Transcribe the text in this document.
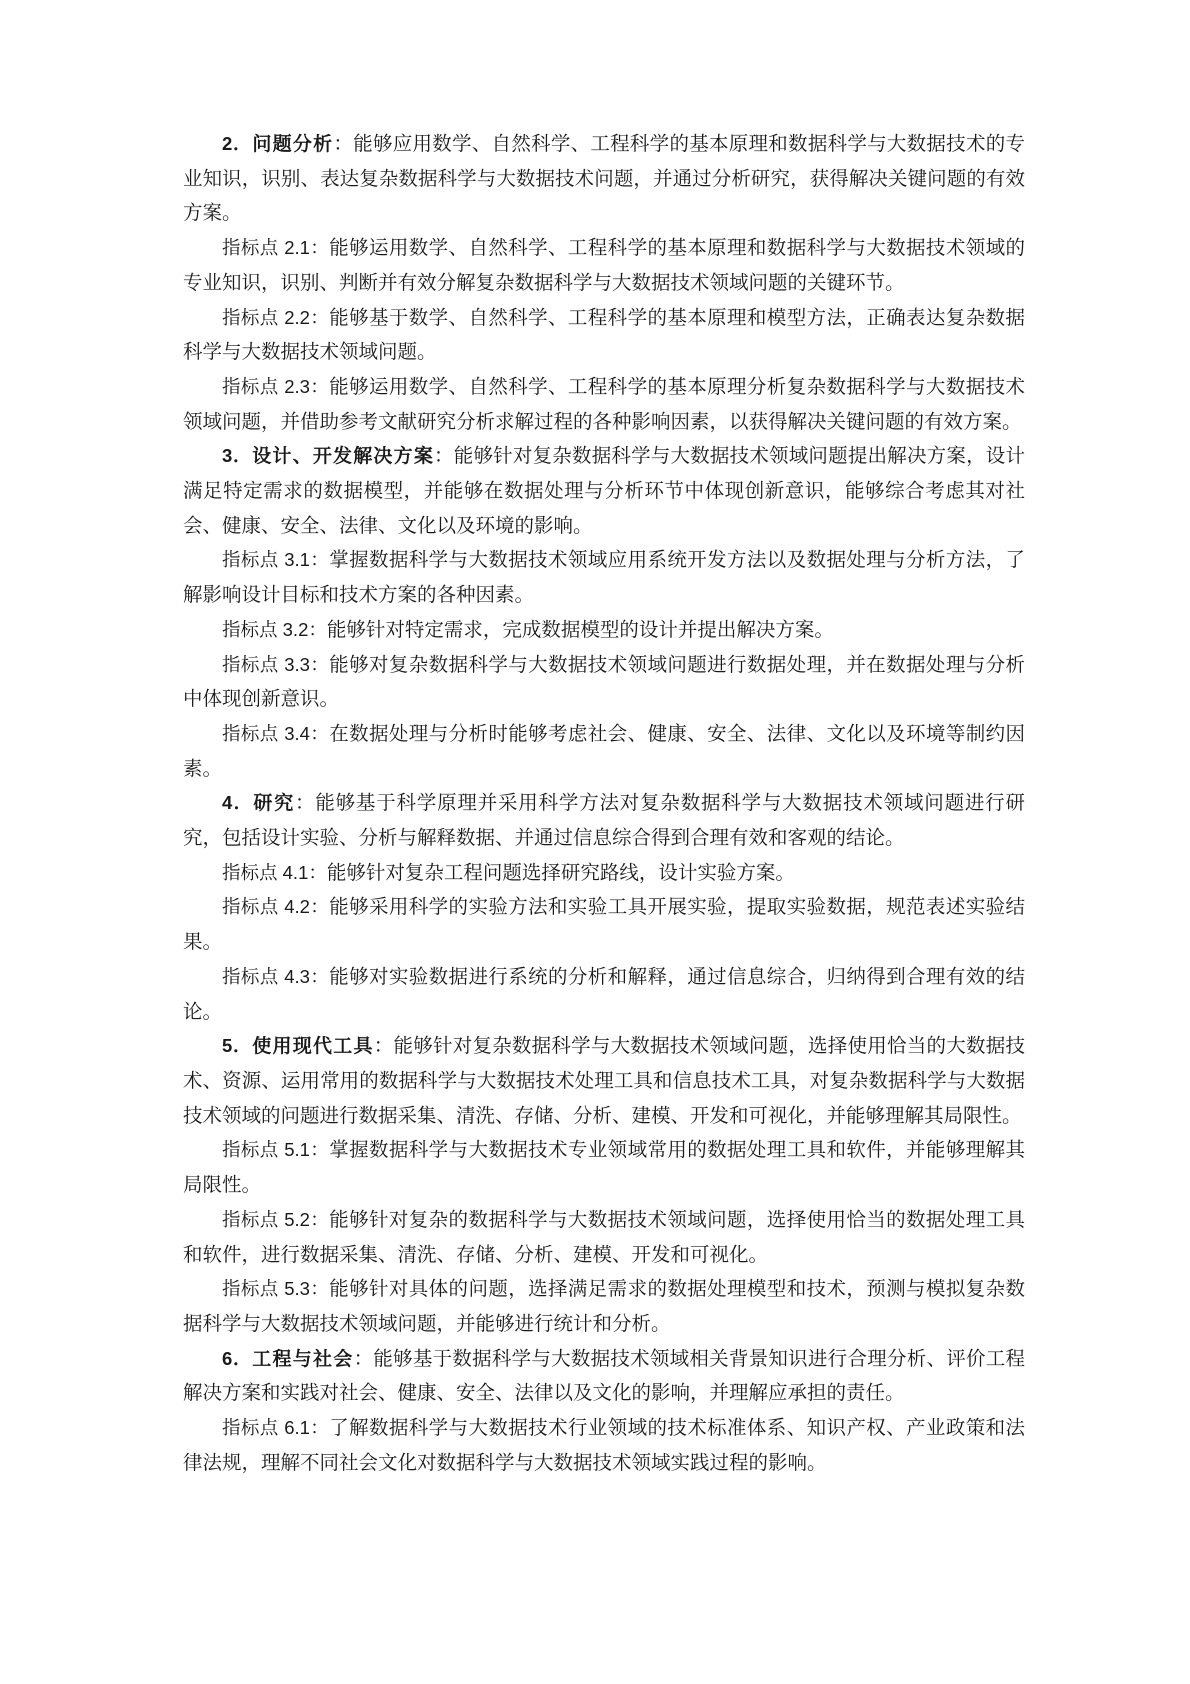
2．问题分析：能够应用数学、自然科学、工程科学的基本原理和数据科学与大数据技术的专业知识，识别、表达复杂数据科学与大数据技术问题，并通过分析研究，获得解决关键问题的有效方案。

指标点 2.1：能够运用数学、自然科学、工程科学的基本原理和数据科学与大数据技术领域的专业知识，识别、判断并有效分解复杂数据科学与大数据技术领域问题的关键环节。

指标点 2.2：能够基于数学、自然科学、工程科学的基本原理和模型方法，正确表达复杂数据科学与大数据技术领域问题。

指标点 2.3：能够运用数学、自然科学、工程科学的基本原理分析复杂数据科学与大数据技术领域问题，并借助参考文献研究分析求解过程的各种影响因素，以获得解决关键问题的有效方案。

3．设计、开发解决方案：能够针对复杂数据科学与大数据技术领域问题提出解决方案，设计满足特定需求的数据模型，并能够在数据处理与分析环节中体现创新意识，能够综合考虑其对社会、健康、安全、法律、文化以及环境的影响。

指标点 3.1：掌握数据科学与大数据技术领域应用系统开发方法以及数据处理与分析方法，了解影响设计目标和技术方案的各种因素。

指标点 3.2：能够针对特定需求，完成数据模型的设计并提出解决方案。

指标点 3.3：能够对复杂数据科学与大数据技术领域问题进行数据处理，并在数据处理与分析中体现创新意识。

指标点 3.4：在数据处理与分析时能够考虑社会、健康、安全、法律、文化以及环境等制约因素。

4．研究：能够基于科学原理并采用科学方法对复杂数据科学与大数据技术领域问题进行研究，包括设计实验、分析与解释数据、并通过信息综合得到合理有效和客观的结论。

指标点 4.1：能够针对复杂工程问题选择研究路线，设计实验方案。

指标点 4.2：能够采用科学的实验方法和实验工具开展实验，提取实验数据，规范表述实验结果。

指标点 4.3：能够对实验数据进行系统的分析和解释，通过信息综合，归纳得到合理有效的结论。

5．使用现代工具：能够针对复杂数据科学与大数据技术领域问题，选择使用恰当的大数据技术、资源、运用常用的数据科学与大数据技术处理工具和信息技术工具，对复杂数据科学与大数据技术领域的问题进行数据采集、清洗、存储、分析、建模、开发和可视化，并能够理解其局限性。

指标点 5.1：掌握数据科学与大数据技术专业领域常用的数据处理工具和软件，并能够理解其局限性。

指标点 5.2：能够针对复杂的数据科学与大数据技术领域问题，选择使用恰当的数据处理工具和软件，进行数据采集、清洗、存储、分析、建模、开发和可视化。

指标点 5.3：能够针对具体的问题，选择满足需求的数据处理模型和技术，预测与模拟复杂数据科学与大数据技术领域问题，并能够进行统计和分析。

6．工程与社会：能够基于数据科学与大数据技术领域相关背景知识进行合理分析、评价工程解决方案和实践对社会、健康、安全、法律以及文化的影响，并理解应承担的责任。

指标点 6.1：了解数据科学与大数据技术行业领域的技术标准体系、知识产权、产业政策和法律法规，理解不同社会文化对数据科学与大数据技术领域实践过程的影响。
